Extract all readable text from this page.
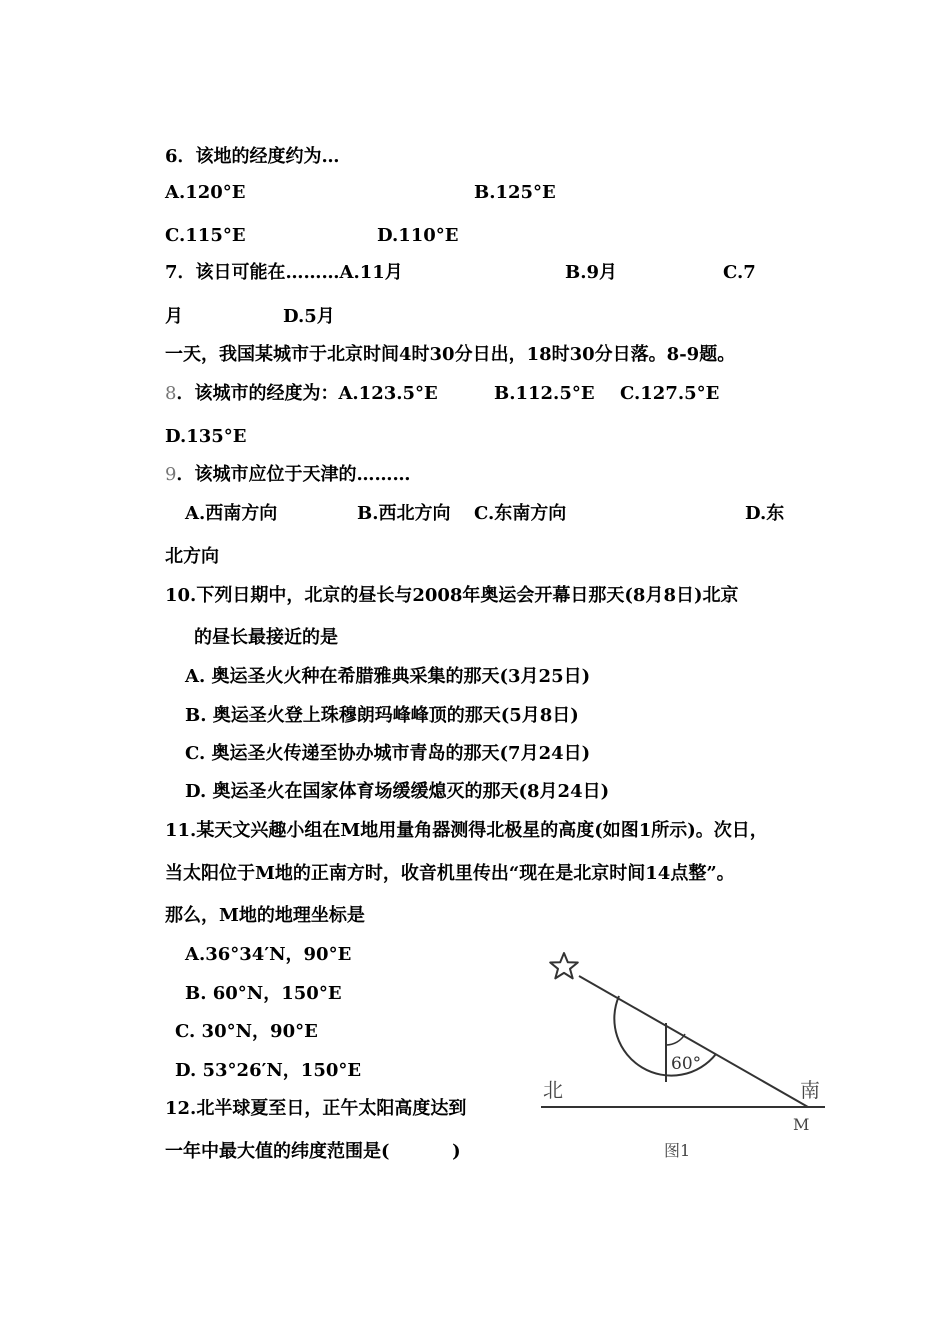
6．该地的经度约为…
A.120°E	B.125°E
C.115°E	D.110°E
7．该日可能在………A.11月	B.9月	C.7
月	D.5月
一天，我国某城市于北京时间4时30分日出，18时30分日落。8-9题。
8．该城市的经度为：A.123.5°E	B.112.5°E C.127.5°E
D.135°E
9．该城市应位于天津的………
A.西南方向	B.西北方向 C.东南方向	D.东
北方向
10.下列日期中，北京的昼长与2008年奥运会开幕日那天(8月8日)北京
的昼长最接近的是
A. 奥运圣火火种在希腊雅典采集的那天(3月25日)
B. 奥运圣火登上珠穆朗玛峰峰顶的那天(5月8日)
C. 奥运圣火传递至协办城市青岛的那天(7月24日)
D. 奥运圣火在国家体育场缓缓熄灭的那天(8月24日)
11.某天文兴趣小组在M地用量角器测得北极星的高度(如图1所示)。次日，
当太阳位于M地的正南方时，收音机里传出“现在是北京时间14点整”。
那么，M地的地理坐标是
A.36°34′N，90°E
B. 60°N，150°E
C. 30°N，90°E
D. 53°26′N，150°E
12.北半球夏至日，正午太阳高度达到
一年中最大值的纬度范围是(          )
60°
北	南
M
图1
